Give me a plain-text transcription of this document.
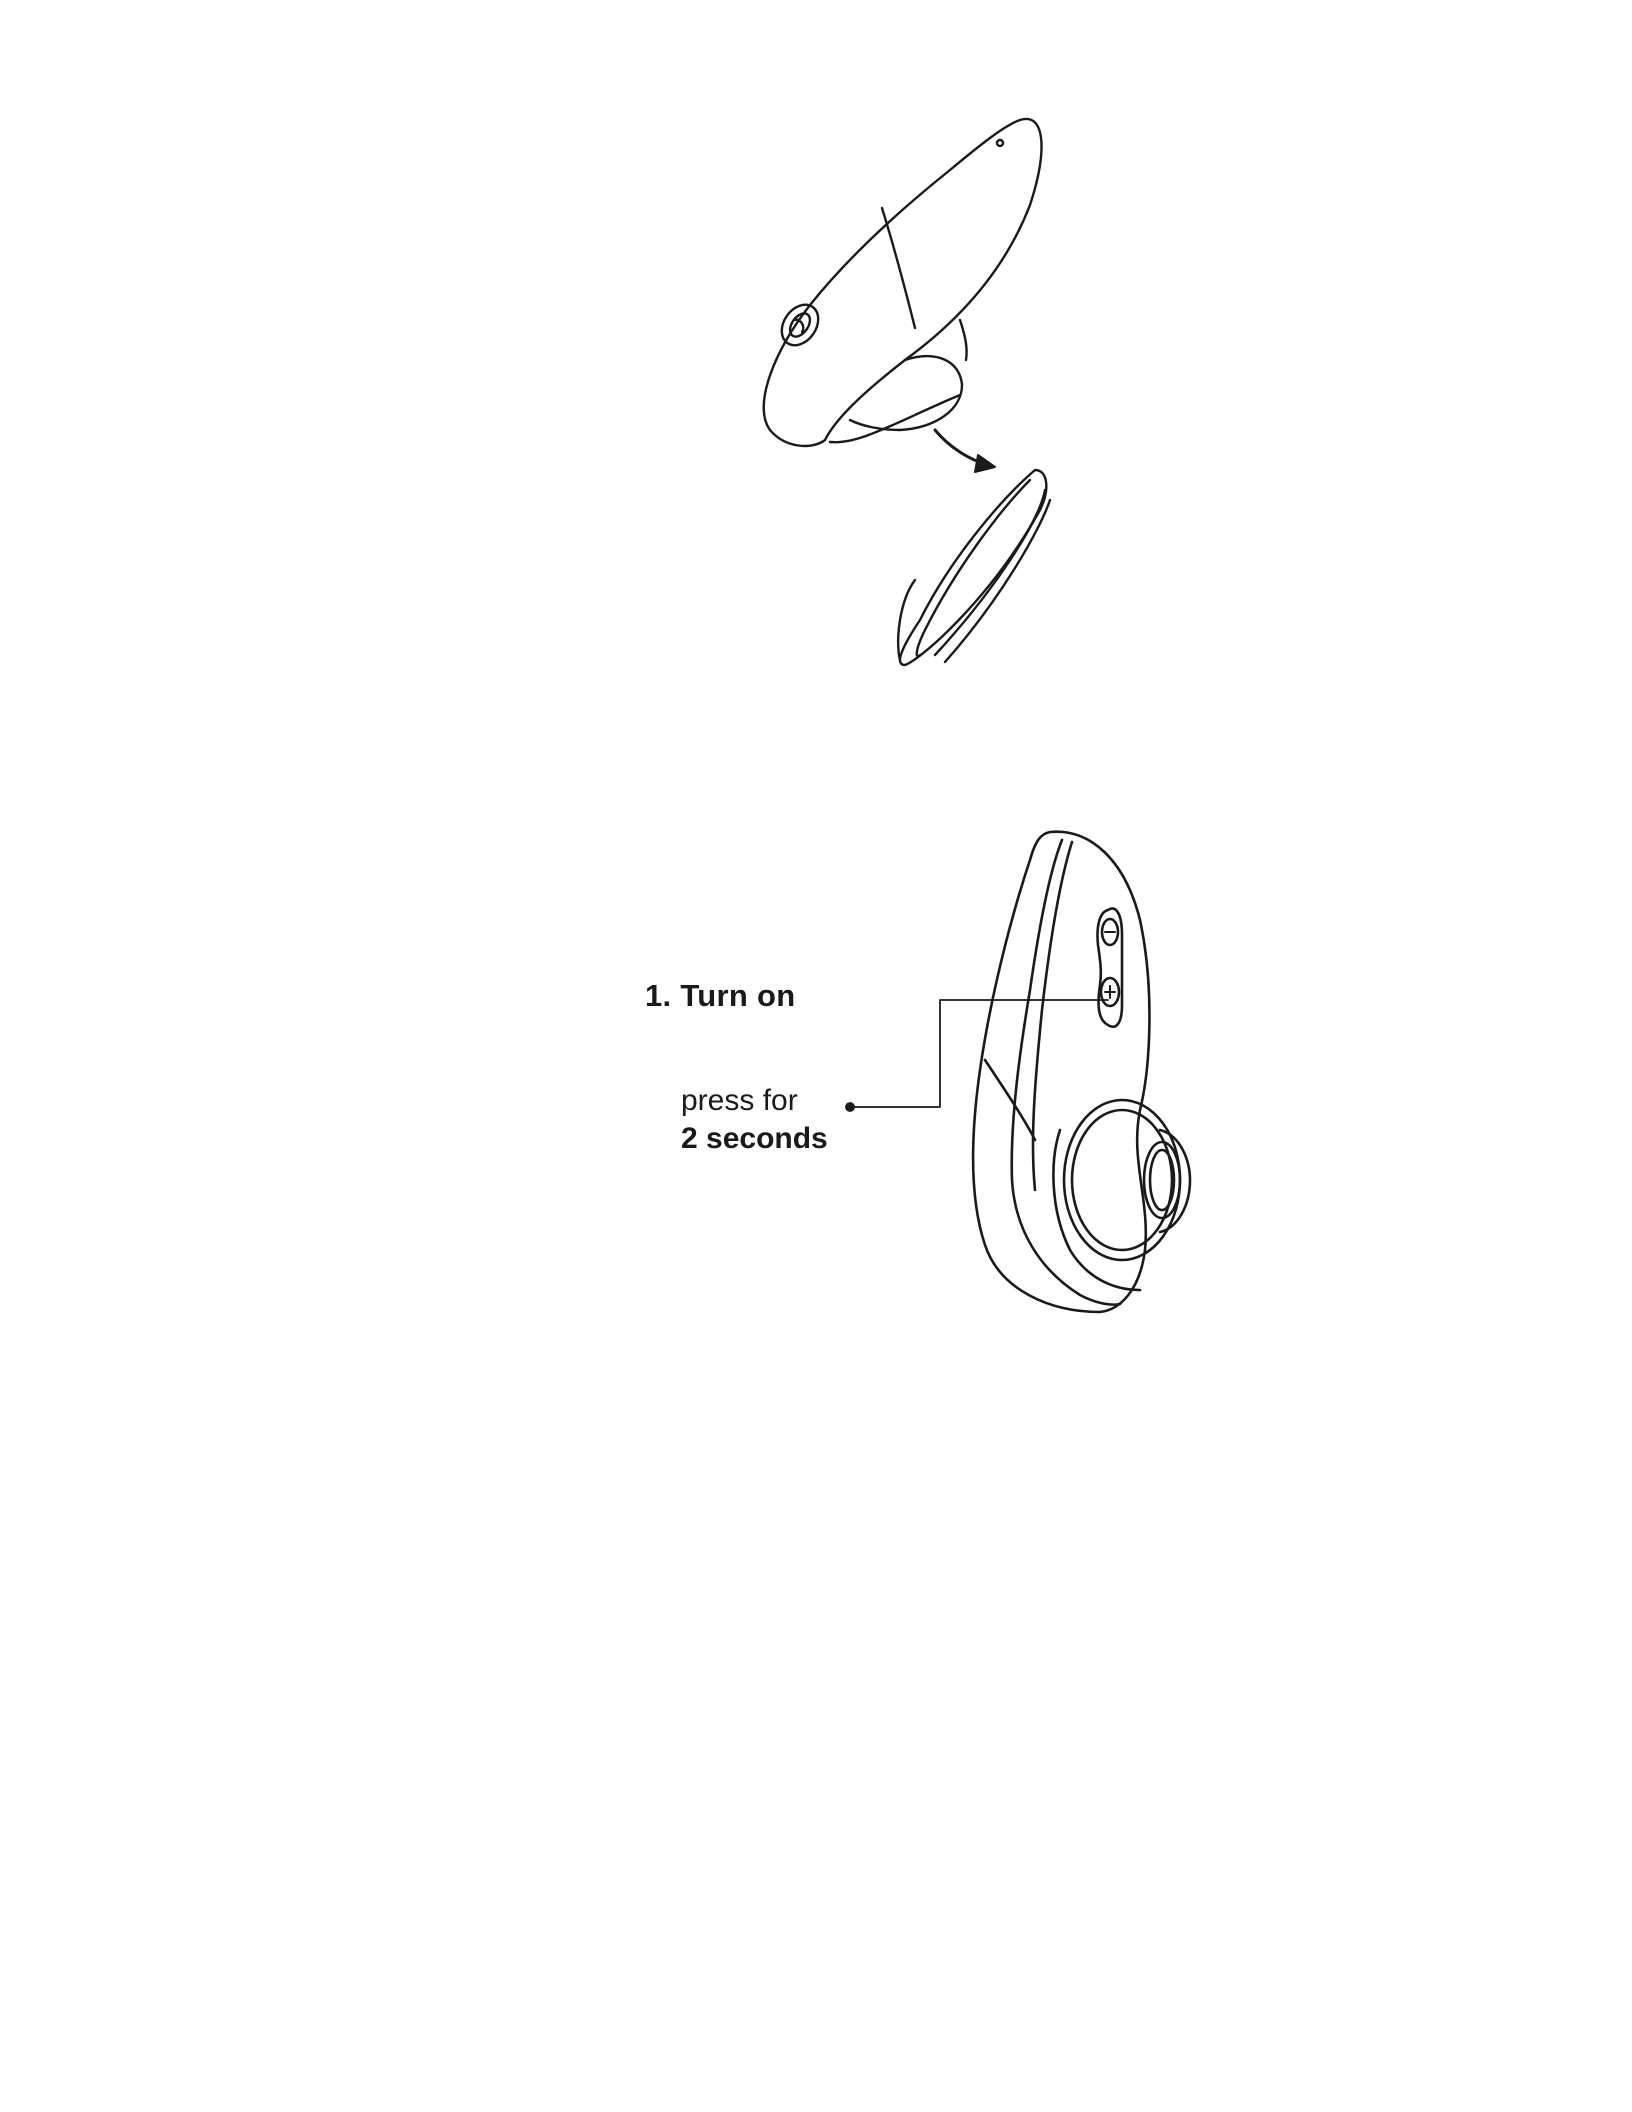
1. Turn on
press for
2 seconds
